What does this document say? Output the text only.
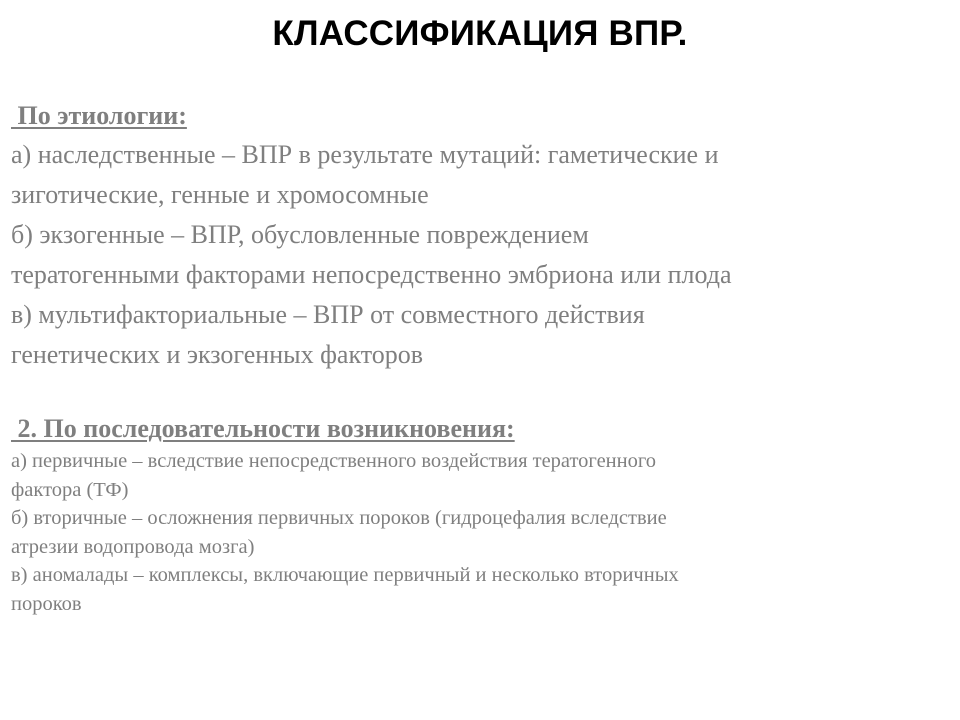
КЛАССИФИКАЦИЯ ВПР.
По этиологии:
а) наследственные – ВПР в результате мутаций: гаметические и
зиготические, генные и хромосомные
б) экзогенные – ВПР, обусловленные повреждением
тератогенными факторами непосредственно эмбриона или плода
в) мультифакториальные – ВПР от совместного действия
генетических и экзогенных факторов
2. По последовательности возникновения:
а) первичные – вследствие непосредственного воздействия тератогенного
фактора (ТФ)
б) вторичные – осложнения первичных пороков (гидроцефалия вследствие
атрезии водопровода мозга)
в) аномалады – комплексы, включающие первичный и несколько вторичных
пороков
